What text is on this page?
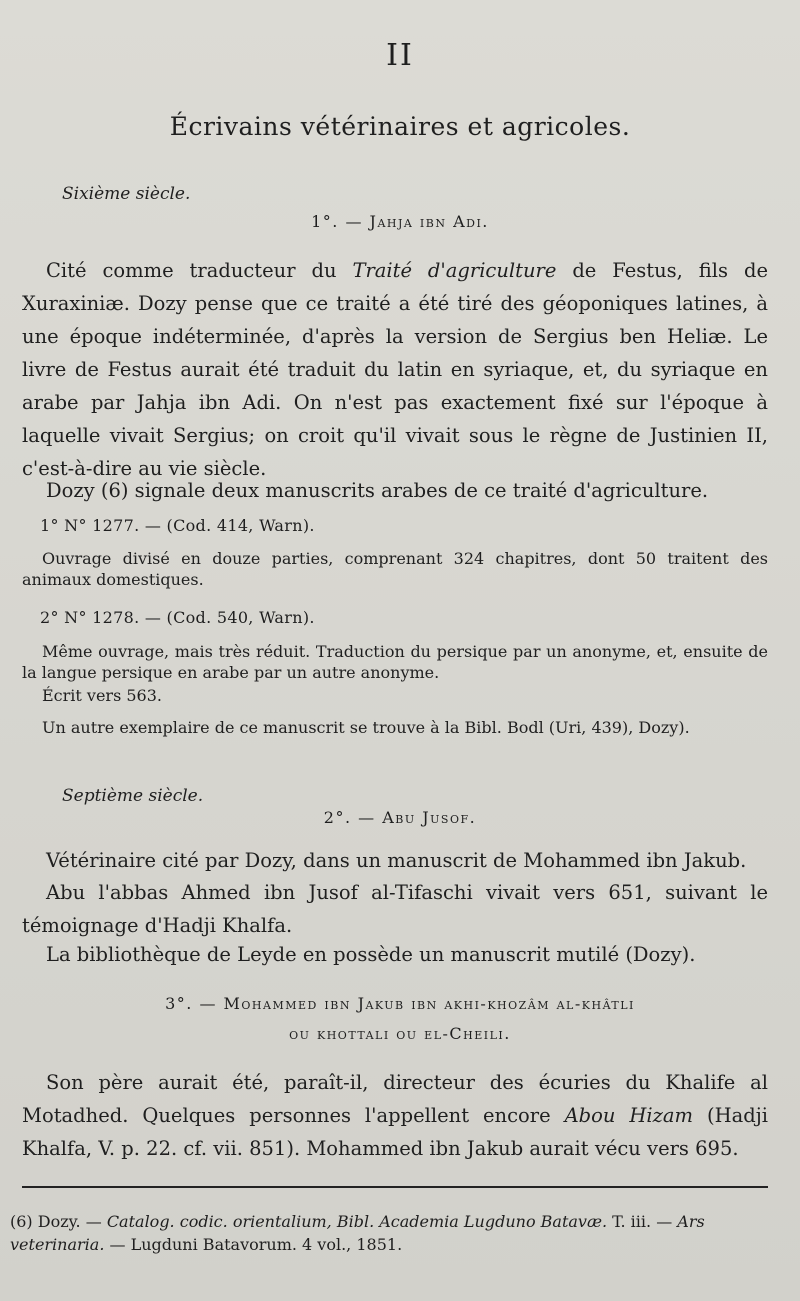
II
Écrivains vétérinaires et agricoles.
Sixième siècle.
1°. — Jahja ibn Adi.
Cité comme traducteur du Traité d'agriculture de Festus, fils de Xuraxiniæ. Dozy pense que ce traité a été tiré des géoponiques latines, à une époque indéterminée, d'après la version de Sergius ben Heliæ. Le livre de Festus aurait été traduit du latin en syriaque, et, du syriaque en arabe par Jahja ibn Adi. On n'est pas exactement fixé sur l'époque à laquelle vivait Sergius; on croit qu'il vivait sous le règne de Justinien II, c'est-à-dire au vie siècle.
Dozy (6) signale deux manuscrits arabes de ce traité d'agriculture.
1° N° 1277. — (Cod. 414, Warn).
Ouvrage divisé en douze parties, comprenant 324 chapitres, dont 50 traitent des animaux domestiques.
2° N° 1278. — (Cod. 540, Warn).
Même ouvrage, mais très réduit. Traduction du persique par un anonyme, et, ensuite de la langue persique en arabe par un autre anonyme.
Écrit vers 563.
Un autre exemplaire de ce manuscrit se trouve à la Bibl. Bodl (Uri, 439), Dozy).
Septième siècle.
2°. — Abu Jusof.
Vétérinaire cité par Dozy, dans un manuscrit de Mohammed ibn Jakub.
Abu l'abbas Ahmed ibn Jusof al-Tifaschi vivait vers 651, suivant le témoignage d'Hadji Khalfa.
La bibliothèque de Leyde en possède un manuscrit mutilé (Dozy).
3°. — Mohammed ibn Jakub ibn akhi-khozâm al-khâtli
ou khottali ou el-Cheili.
Son père aurait été, paraît-il, directeur des écuries du Khalife al Motadhed. Quelques personnes l'appellent encore Abou Hizam (Hadji Khalfa, V. p. 22. cf. vii. 851). Mohammed ibn Jakub aurait vécu vers 695.
(6) Dozy. — Catalog. codic. orientalium, Bibl. Academia Lugduno Batavæ. T. iii. — Ars veterinaria. — Lugduni Batavorum. 4 vol., 1851.
